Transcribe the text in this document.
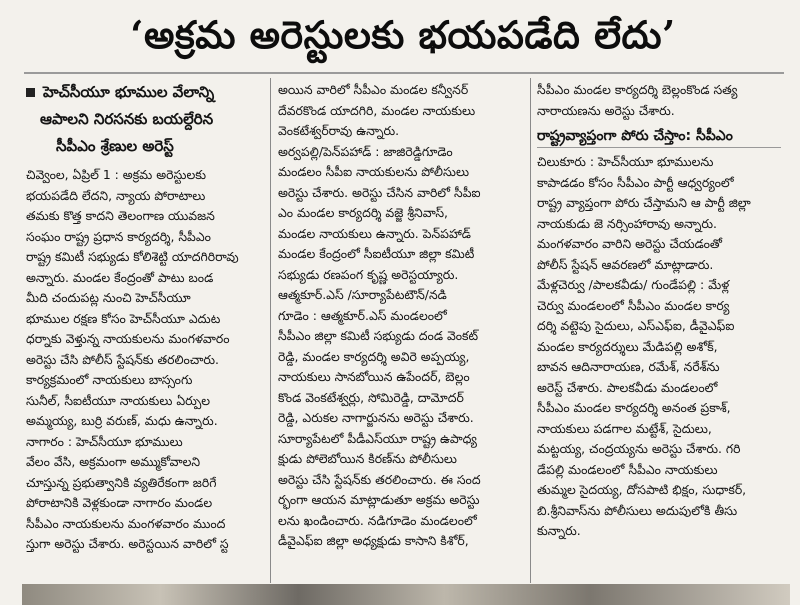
‘అక్రమ అరెస్టులకు భయపడేది లేదు’
హెచ్‌సీయూ భూముల వేలాన్ని
ఆపాలని నిరసనకు బయల్దేరిన
సీపీఎం శ్రేణుల అరెస్ట్

చివ్వెంల, ఏప్రిల్ 1 : అక్రమ అరెస్టులకు

భయపడేది లేదని, న్యాయ పోరాటాలు

తమకు కొత్త కాదని తెలంగాణ యువజన

సంఘం రాష్ట్ర ప్రధాన కార్యదర్శి, సీపీఎం

రాష్ట్ర కమిటీ సభ్యుడు కోలిశెట్టి యాదగిరిరావు

అన్నారు. మండల కేంద్రంతో పాటు బండ

మీది చందుపట్ల నుంచి హెచ్‌సీయూ

భూముల రక్షణ కోసం హెచ్‌సీయూ ఎదుట

ధర్నాకు వెళ్తున్న నాయకులను మంగళవారం

అరెస్టు చేసి పోలీస్ స్టేషన్‌కు తరలించారు.

కార్యక్రమంలో నాయకులు బాస్సంగు

సునీల్, సీఐటీయూ నాయకులు ఏర్పుల

అమ్మయ్య, బుర్రి వరుణ్, మధు ఉన్నారు.

నాగారం : హెచ్‌సీయూ భూములు

వేలం వేసి, అక్రమంగా అమ్ముకోవాలని

చూస్తున్న ప్రభుత్వానికి వ్యతిరేకంగా జరిగే

పోరాటానికి వెళ్లకుండా నాగారం మండల

సీపీఎం నాయకులను మంగళవారం ముంద

స్తుగా అరెస్టు చేశారు. అరెస్టయిన వారిలో స్ట

అయిన వారిలో సీపీఎం మండల కన్వీనర్

దేవరకొండ యాదగిరి, మండల నాయకులు

వెంకటేశ్వర్‌రావు ఉన్నారు.

అర్వపల్లి/పెన్‌పహాడ్ : జాజిరెడ్డిగూడెం

మండలం సీపీఐ నాయకులను పోలీసులు

అరెస్టు చేశారు. అరెస్టు చేసిన వారిలో సీపీఐ

ఎం మండల కార్యదర్శి వజ్జె శ్రీనివాస్,

మండల నాయకులు ఉన్నారు. పెన్‌పహాడ్

మండల కేంద్రంలో సీఐటీయూ జిల్లా కమిటీ

సభ్యుడు రణపంగ కృష్ణ అరెస్టయ్యారు.

ఆత్మకూర్.ఎస్ /సూర్యాపేటటౌన్/నడి

గూడెం : ఆత్మకూర్.ఎస్ మండలంలో

సీపీఎం జిల్లా కమిటీ సభ్యుడు దండ వెంకట్

రెడ్డి, మండల కార్యదర్శి అవిరె అప్పయ్య,

నాయకులు సానబోయిన ఉపేందర్, బెల్లం

కొండ వెంకటేశ్వర్లు, సోమిరెడ్డి, దామోదర్

రెడ్డి, ఎరుకల నాగార్జునను అరెస్టు చేశారు.

సూర్యాపేటలో పీడీఎస్‌యూ రాష్ట్ర ఉపాధ్య

క్షుడు పోలెబోయిన కిరణ్‌ను పోలీసులు

అరెస్టు చేసి స్టేషన్‌కు తరలించారు. ఈ సంద

ర్భంగా ఆయన మాట్లాడుతూ అక్రమ అరెస్టు

లను ఖండించారు. నడిగూడెం మండలంలో

డీవైఎఫ్ఐ జిల్లా అధ్యక్షుడు కాసాని కిశోర్,

సీపీఎం మండల కార్యదర్శి బెల్లంకొండ సత్య

నారాయణను అరెస్టు చేశారు.

రాష్ట్రవ్యాప్తంగా పోరు చేస్తాం: సీపీఎం

చిలుకూరు : హెచ్‌సీయూ భూములను

కాపాడడం కోసం సీపీఎం పార్టీ ఆధ్వర్యంలో

రాష్ట్ర వ్యాప్తంగా పోరు చేస్తామని ఆ పార్టీ జిల్లా

నాయకుడు జె నర్సింహారావు అన్నారు.

మంగళవారం వారిని అరెస్టు చేయడంతో

పోలీస్ స్టేషన్ ఆవరణలో మాట్లాడారు.

మేళ్లచెర్వు /పాలకవీడు/ గుండేపల్లి : మేళ్ల

చెర్వు మండలంలో సీపీఎం మండల కార్య

దర్శి వట్టెపు సైదులు, ఎస్ఎఫ్ఐ, డీవైఎఫ్ఐ

మండల కార్యదర్శులు మేడిపల్లి అశోక్,

బావన ఆదినారాయణ, రమేశ్, నరేశ్‌ను

అరెస్ట్ చేశారు. పాలకవీడు మండలంలో

సీపీఎం మండల కార్యదర్శి అనంత ప్రకాశ్,

నాయకులు పడగాల మట్టేశ్, సైదులు,

మట్టయ్య, చంద్రయ్యను అరెస్టు చేశారు. గరి

డేపల్లి మండలంలో సీపీఎం నాయకులు

తుమ్మల సైదయ్య, దోసపాటి భిక్షం, సుధాకర్,

బి.శ్రీనివాస్‌ను పోలీసులు అదుపులోకి తీసు

కున్నారు.
